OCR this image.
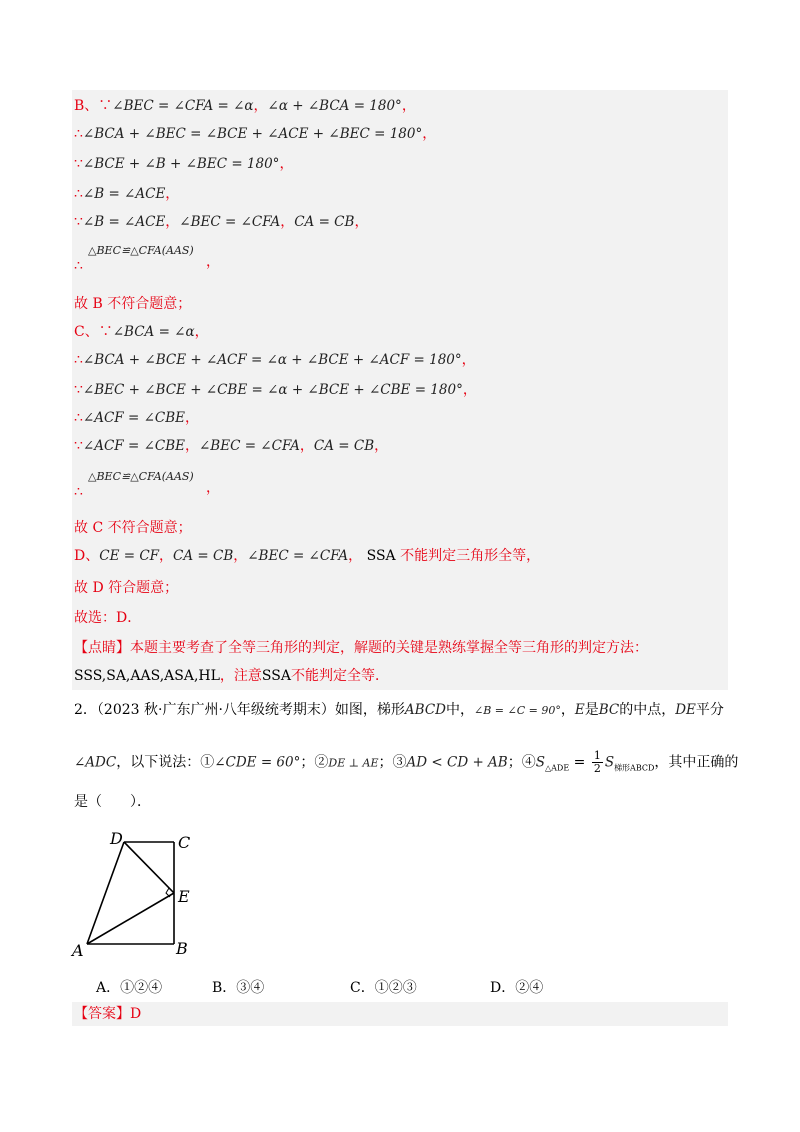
B、∵∠BEC = ∠CFA = ∠α，∠α + ∠BCA = 180°，
∴∠BCA + ∠BEC = ∠BCE + ∠ACE + ∠BEC = 180°，
∵∠BCE + ∠B + ∠BEC = 180°，
∴∠B = ∠ACE，
∵∠B = ∠ACE，∠BEC = ∠CFA，CA = CB，
△BEC≌△CFA(AAS)
∴	，
故 B 不符合题意；
C、∵∠BCA = ∠α，
∴∠BCA + ∠BCE + ∠ACF = ∠α + ∠BCE + ∠ACF = 180°，
∵∠BEC + ∠BCE + ∠CBE = ∠α + ∠BCE + ∠CBE = 180°，
∴∠ACF = ∠CBE，
∵∠ACF = ∠CBE，∠BEC = ∠CFA，CA = CB，
△BEC≌△CFA(AAS)
∴	，
故 C 不符合题意；
D、CE = CF，CA = CB，∠BEC = ∠CFA， SSA 不能判定三角形全等，
故 D 符合题意；
故选：D．
【点睛】本题主要考查了全等三角形的判定，解题的关键是熟练掌握全等三角形的判定方法：
SSS,SA,AAS,ASA,HL，注意SSA不能判定全等．
2．（2023 秋·广东广州·八年级统考期末）如图，梯形ABCD中，∠B = ∠C = 90°，E是BC的中点，DE平分
∠ADC，以下说法：①∠CDE = 60°；②DE ⊥ AE；③AD < CD + AB；$④S_{\triangle ADE} = \frac{1}{2} S_{梯形ABCD}$，其中正确的
是（　　）．
D	C
E
A	B
A．①②④	B．③④	C．①②③	D．②④
【答案】D
